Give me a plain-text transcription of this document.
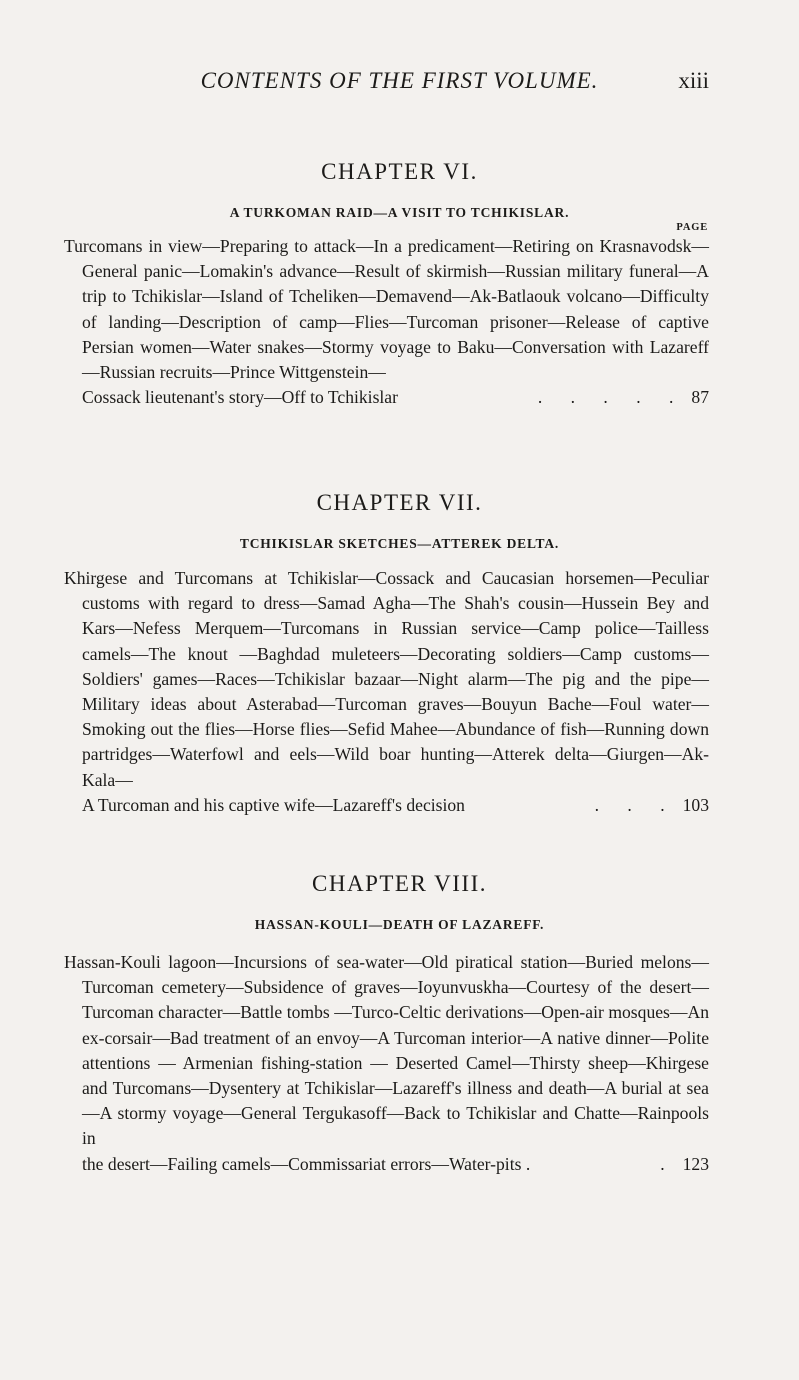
CONTENTS OF THE FIRST VOLUME.	xiii
CHAPTER VI.
A TURKOMAN RAID—A VISIT TO TCHIKISLAR.
PAGE

Turcomans in view—Preparing to attack—In a predicament—Retiring on Krasnavodsk—General panic—Lomakin's advance—Result of skirmish—Russian military funeral—A trip to Tchikislar—Island of Tcheliken—Demavend—Ak-Batlaouk volcano—Difficulty of landing—Description of camp—Flies—Turcoman prisoner—Release of captive Persian women—Water snakes—Stormy voyage to Baku—Conversation with Lazareff—Russian recruits—Prince Wittgenstein—

Cossack lieutenant's story—Off to Tchikislar	. . . . . 87
CHAPTER VII.
TCHIKISLAR SKETCHES—ATTEREK DELTA.

Khirgese and Turcomans at Tchikislar—Cossack and Caucasian horsemen—Peculiar customs with regard to dress—Samad Agha—The Shah's cousin—Hussein Bey and Kars—Nefess Merquem—Turcomans in Russian service—Camp police—Tailless camels—The knout —Baghdad muleteers—Decorating soldiers—Camp customs—Soldiers' games—Races—Tchikislar bazaar—Night alarm—The pig and the pipe—Military ideas about Asterabad—Turcoman graves—Bouyun Bache—Foul water—Smoking out the flies—Horse flies—Sefid Mahee—Abundance of fish—Running down partridges—Waterfowl and eels—Wild boar hunting—Atterek delta—Giurgen—Ak-Kala—

A Turcoman and his captive wife—Lazareff's decision	. . . 103
CHAPTER VIII.
HASSAN-KOULI—DEATH OF LAZAREFF.

Hassan-Kouli lagoon—Incursions of sea-water—Old piratical station—Buried melons—Turcoman cemetery—Subsidence of graves—Ioyunvuskha—Courtesy of the desert—Turcoman character—Battle tombs —Turco-Celtic derivations—Open-air mosques—An ex-corsair—Bad treatment of an envoy—A Turcoman interior—A native dinner—Polite attentions — Armenian fishing-station — Deserted Camel—Thirsty sheep—Khirgese and Turcomans—Dysentery at Tchikislar—Lazareff's illness and death—A burial at sea—A stormy voyage—General Tergukasoff—Back to Tchikislar and Chatte—Rainpools in

the desert—Failing camels—Commissariat errors—Water-pits .	. 123
